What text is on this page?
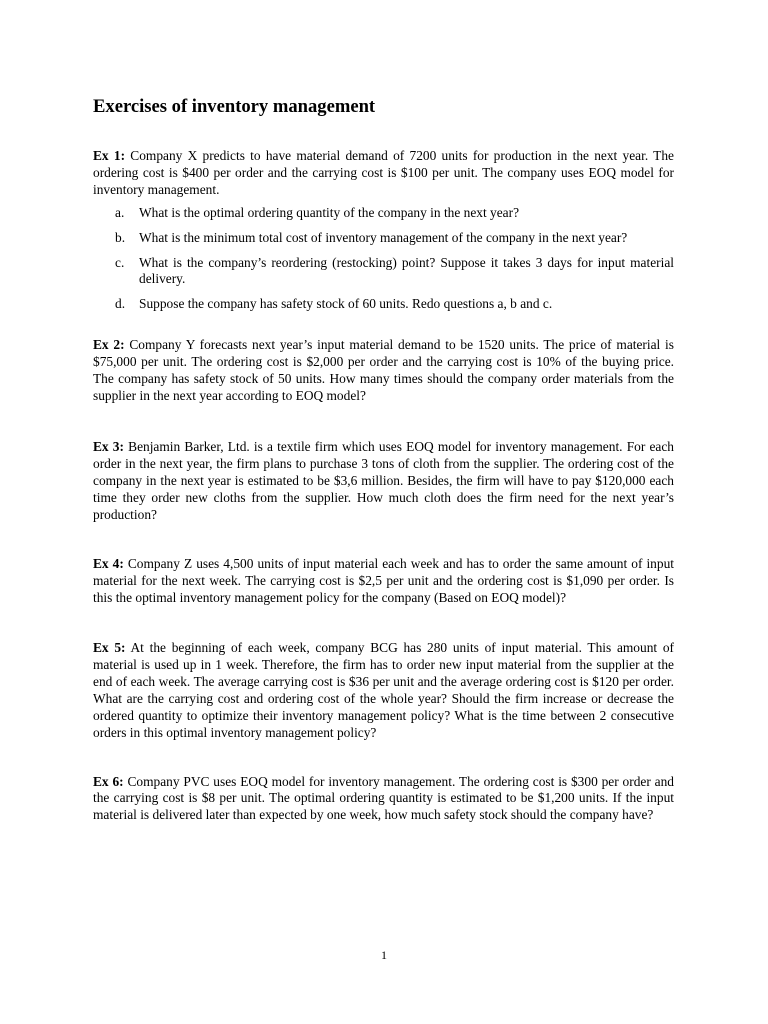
Exercises of inventory management

Ex 1: Company X predicts to have material demand of 7200 units for production in the next year. The ordering cost is $400 per order and the carrying cost is $100 per unit. The company uses EOQ model for inventory management.

a. What is the optimal ordering quantity of the company in the next year?
b. What is the minimum total cost of inventory management of the company in the next year?
c. What is the company’s reordering (restocking) point? Suppose it takes 3 days for input material delivery.
d. Suppose the company has safety stock of 60 units. Redo questions a, b and c.

Ex 2: Company Y forecasts next year’s input material demand to be 1520 units. The price of material is $75,000 per unit. The ordering cost is $2,000 per order and the carrying cost is 10% of the buying price. The company has safety stock of 50 units. How many times should the company order materials from the supplier in the next year according to EOQ model?

Ex 3: Benjamin Barker, Ltd. is a textile firm which uses EOQ model for inventory management. For each order in the next year, the firm plans to purchase 3 tons of cloth from the supplier. The ordering cost of the company in the next year is estimated to be $3,6 million. Besides, the firm will have to pay $120,000 each time they order new cloths from the supplier. How much cloth does the firm need for the next year’s production?

Ex 4: Company Z uses 4,500 units of input material each week and has to order the same amount of input material for the next week. The carrying cost is $2,5 per unit and the ordering cost is $1,090 per order. Is this the optimal inventory management policy for the company (Based on EOQ model)?

Ex 5: At the beginning of each week, company BCG has 280 units of input material. This amount of material is used up in 1 week. Therefore, the firm has to order new input material from the supplier at the end of each week. The average carrying cost is $36 per unit and the average ordering cost is $120 per order. What are the carrying cost and ordering cost of the whole year? Should the firm increase or decrease the ordered quantity to optimize their inventory management policy? What is the time between 2 consecutive orders in this optimal inventory management policy?

Ex 6: Company PVC uses EOQ model for inventory management. The ordering cost is $300 per order and the carrying cost is $8 per unit. The optimal ordering quantity is estimated to be $1,200 units. If the input material is delivered later than expected by one week, how much safety stock should the company have?

1
